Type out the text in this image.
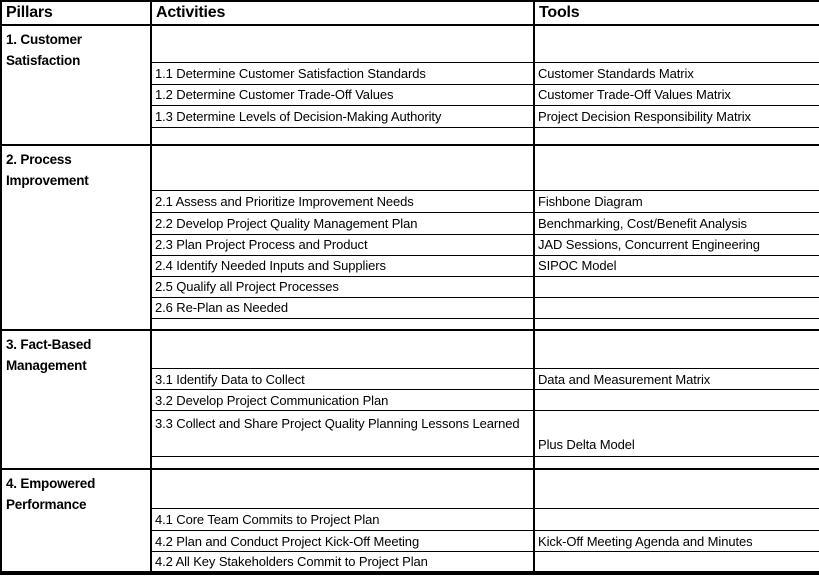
Pillars	Activities	Tools
1. Customer Satisfaction		
	1.1 Determine Customer Satisfaction Standards	Customer Standards Matrix
	1.2 Determine Customer Trade-Off Values	Customer Trade-Off Values Matrix
	1.3 Determine Levels of Decision-Making Authority	Project Decision Responsibility Matrix

2. Process Improvement		
	2.1 Assess and Prioritize Improvement Needs	Fishbone Diagram
	2.2 Develop Project Quality Management Plan	Benchmarking, Cost/Benefit Analysis
	2.3 Plan Project Process and Product	JAD Sessions, Concurrent Engineering
	2.4 Identify Needed Inputs and Suppliers	SIPOC Model
	2.5 Qualify all Project Processes	
	2.6 Re-Plan as Needed	

3. Fact-Based Management		
	3.1 Identify Data to Collect	Data and Measurement Matrix
	3.2 Develop Project Communication Plan	
	3.3 Collect and Share Project Quality Planning Lessons Learned	Plus Delta Model

4. Empowered Performance		
	4.1 Core Team Commits to Project Plan	
	4.2 Plan and Conduct Project Kick-Off Meeting	Kick-Off Meeting Agenda and Minutes
	4.2 All Key Stakeholders Commit to Project Plan	
